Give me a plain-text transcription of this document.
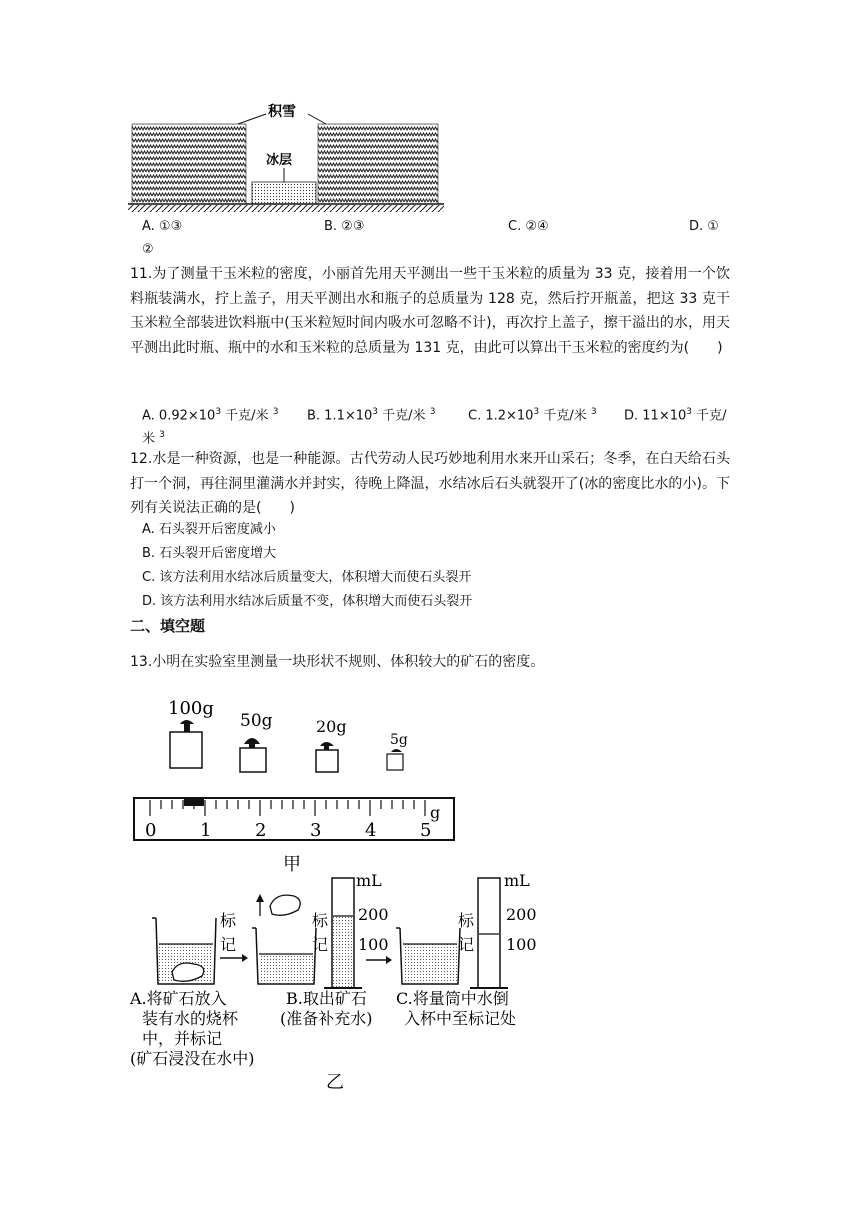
积雪
冰层
A. ①③	B. ②③	C. ②④	D. ①
②
11.为了测量干玉米粒的密度，小丽首先用天平测出一些干玉米粒的质量为 33 克，接着用一个饮料瓶装满水，拧上盖子，用天平测出水和瓶子的总质量为 128 克，然后拧开瓶盖，把这 33 克干玉米粒全部装进饮料瓶中(玉米粒短时间内吸水可忽略不计)，再次拧上盖子，擦干溢出的水，用天平测出此时瓶、瓶中的水和玉米粒的总质量为 131 克，由此可以算出干玉米粒的密度约为(　　)
A. $0.92\times 10^3$ 千克/米 $^3$ B. $1.1\times 10^3$ 千克/米 $^3$	C. $1.2\times 10^3$ 千克/米 $^3$ D. $11\times 10^3$ 千克/
米 $^3$
12.水是一种资源，也是一种能源。古代劳动人民巧妙地利用水来开山采石；冬季，在白天给石头打一个洞，再往洞里灌满水并封实，待晚上降温，水结冰后石头就裂开了(冰的密度比水的小)。下列有关说法正确的是(　　)
A. 石头裂开后密度减小
B. 石头裂开后密度增大
C. 该方法利用水结冰后质量变大，体积增大而使石头裂开
D. 该方法利用水结冰后质量不变，体积增大而使石头裂开
二、填空题
13.小明在实验室里测量一块形状不规则、体积较大的矿石的密度。
100g
50g	20g
5g
g
0 1 2 3 4 5
甲
标
记
标
记
mL
200
100
标
记
mL
200
100
A.将矿石放入
装有水的烧杯
中，并标记
(矿石浸没在水中)
B.取出矿石
(准备补充水)
C.将量筒中水倒
入杯中至标记处
乙
